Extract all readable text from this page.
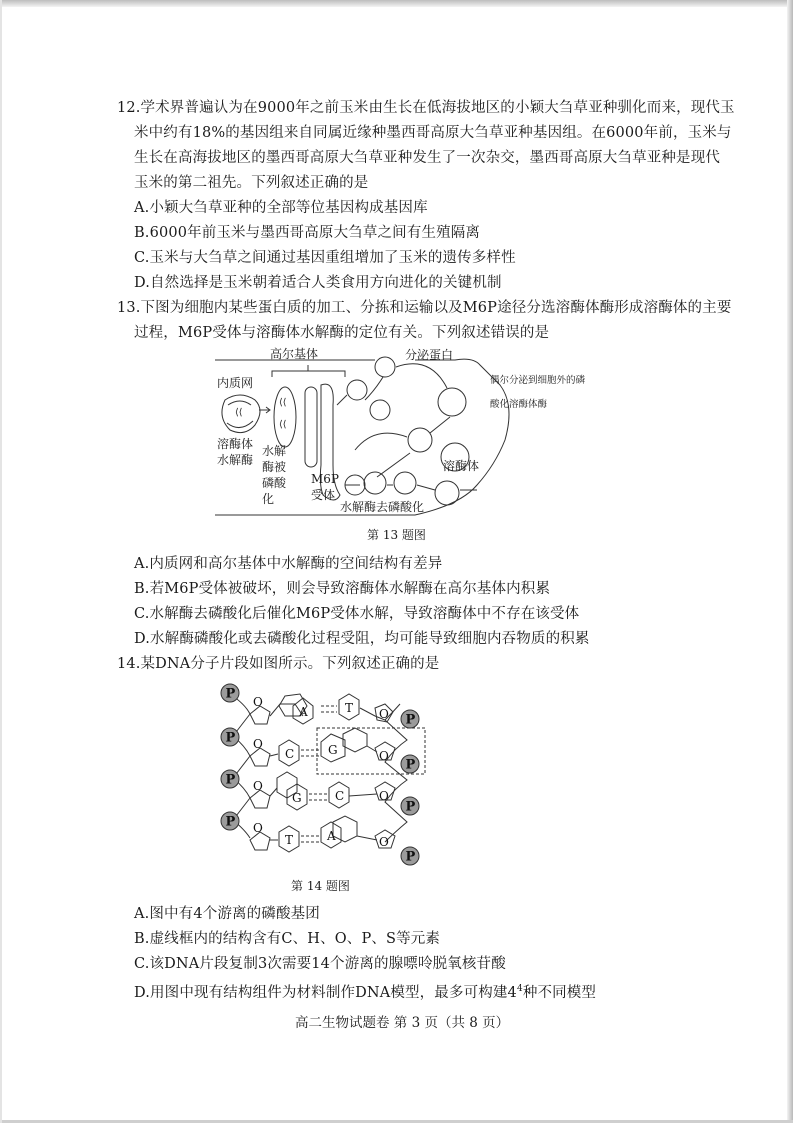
12.学术界普遍认为在9000年之前玉米由生长在低海拔地区的小颖大刍草亚种驯化而来，现代玉
米中约有18%的基因组来自同属近缘种墨西哥高原大刍草亚种基因组。在6000年前，玉米与
生长在高海拔地区的墨西哥高原大刍草亚种发生了一次杂交，墨西哥高原大刍草亚种是现代
玉米的第二祖先。下列叙述正确的是
A.小颖大刍草亚种的全部等位基因构成基因库
B.6000年前玉米与墨西哥高原大刍草之间有生殖隔离
C.玉米与大刍草之间通过基因重组增加了玉米的遗传多样性
D.自然选择是玉米朝着适合人类食用方向进化的关键机制
13.下图为细胞内某些蛋白质的加工、分拣和运输以及M6P途径分选溶酶体酶形成溶酶体的主要
过程，M6P受体与溶酶体水解酶的定位有关。下列叙述错误的是
⟨⟨
⟨⟨
⟨⟨
高尔基体
内质网
分泌蛋白
偶尔分泌到细胞外的磷
酸化溶酶体酶
溶酶体
水解酶
水解
酶被
磷酸
化
M6P
受体
溶酶体
水解酶去磷酸化
第 13 题图
A.内质网和高尔基体中水解酶的空间结构有差异
B.若M6P受体被破坏，则会导致溶酶体水解酶在高尔基体内积累
C.水解酶去磷酸化后催化M6P受体水解，导致溶酶体中不存在该受体
D.水解酶磷酸化或去磷酸化过程受阻，均可能导致细胞内吞物质的积累
14.某DNA分子片段如图所示。下列叙述正确的是
P
P
P
P
P
P
P
P
O
O
O
O
O
O
O
O
A	T
C	G
G	C
T	A
第 14 题图
A.图中有4个游离的磷酸基团
B.虚线框内的结构含有C、H、O、P、S等元素
C.该DNA片段复制3次需要14个游离的腺嘌呤脱氧核苷酸
D.用图中现有结构组件为材料制作DNA模型，最多可构建$4^4$种不同模型
高二生物试题卷 第 3 页（共 8 页）
